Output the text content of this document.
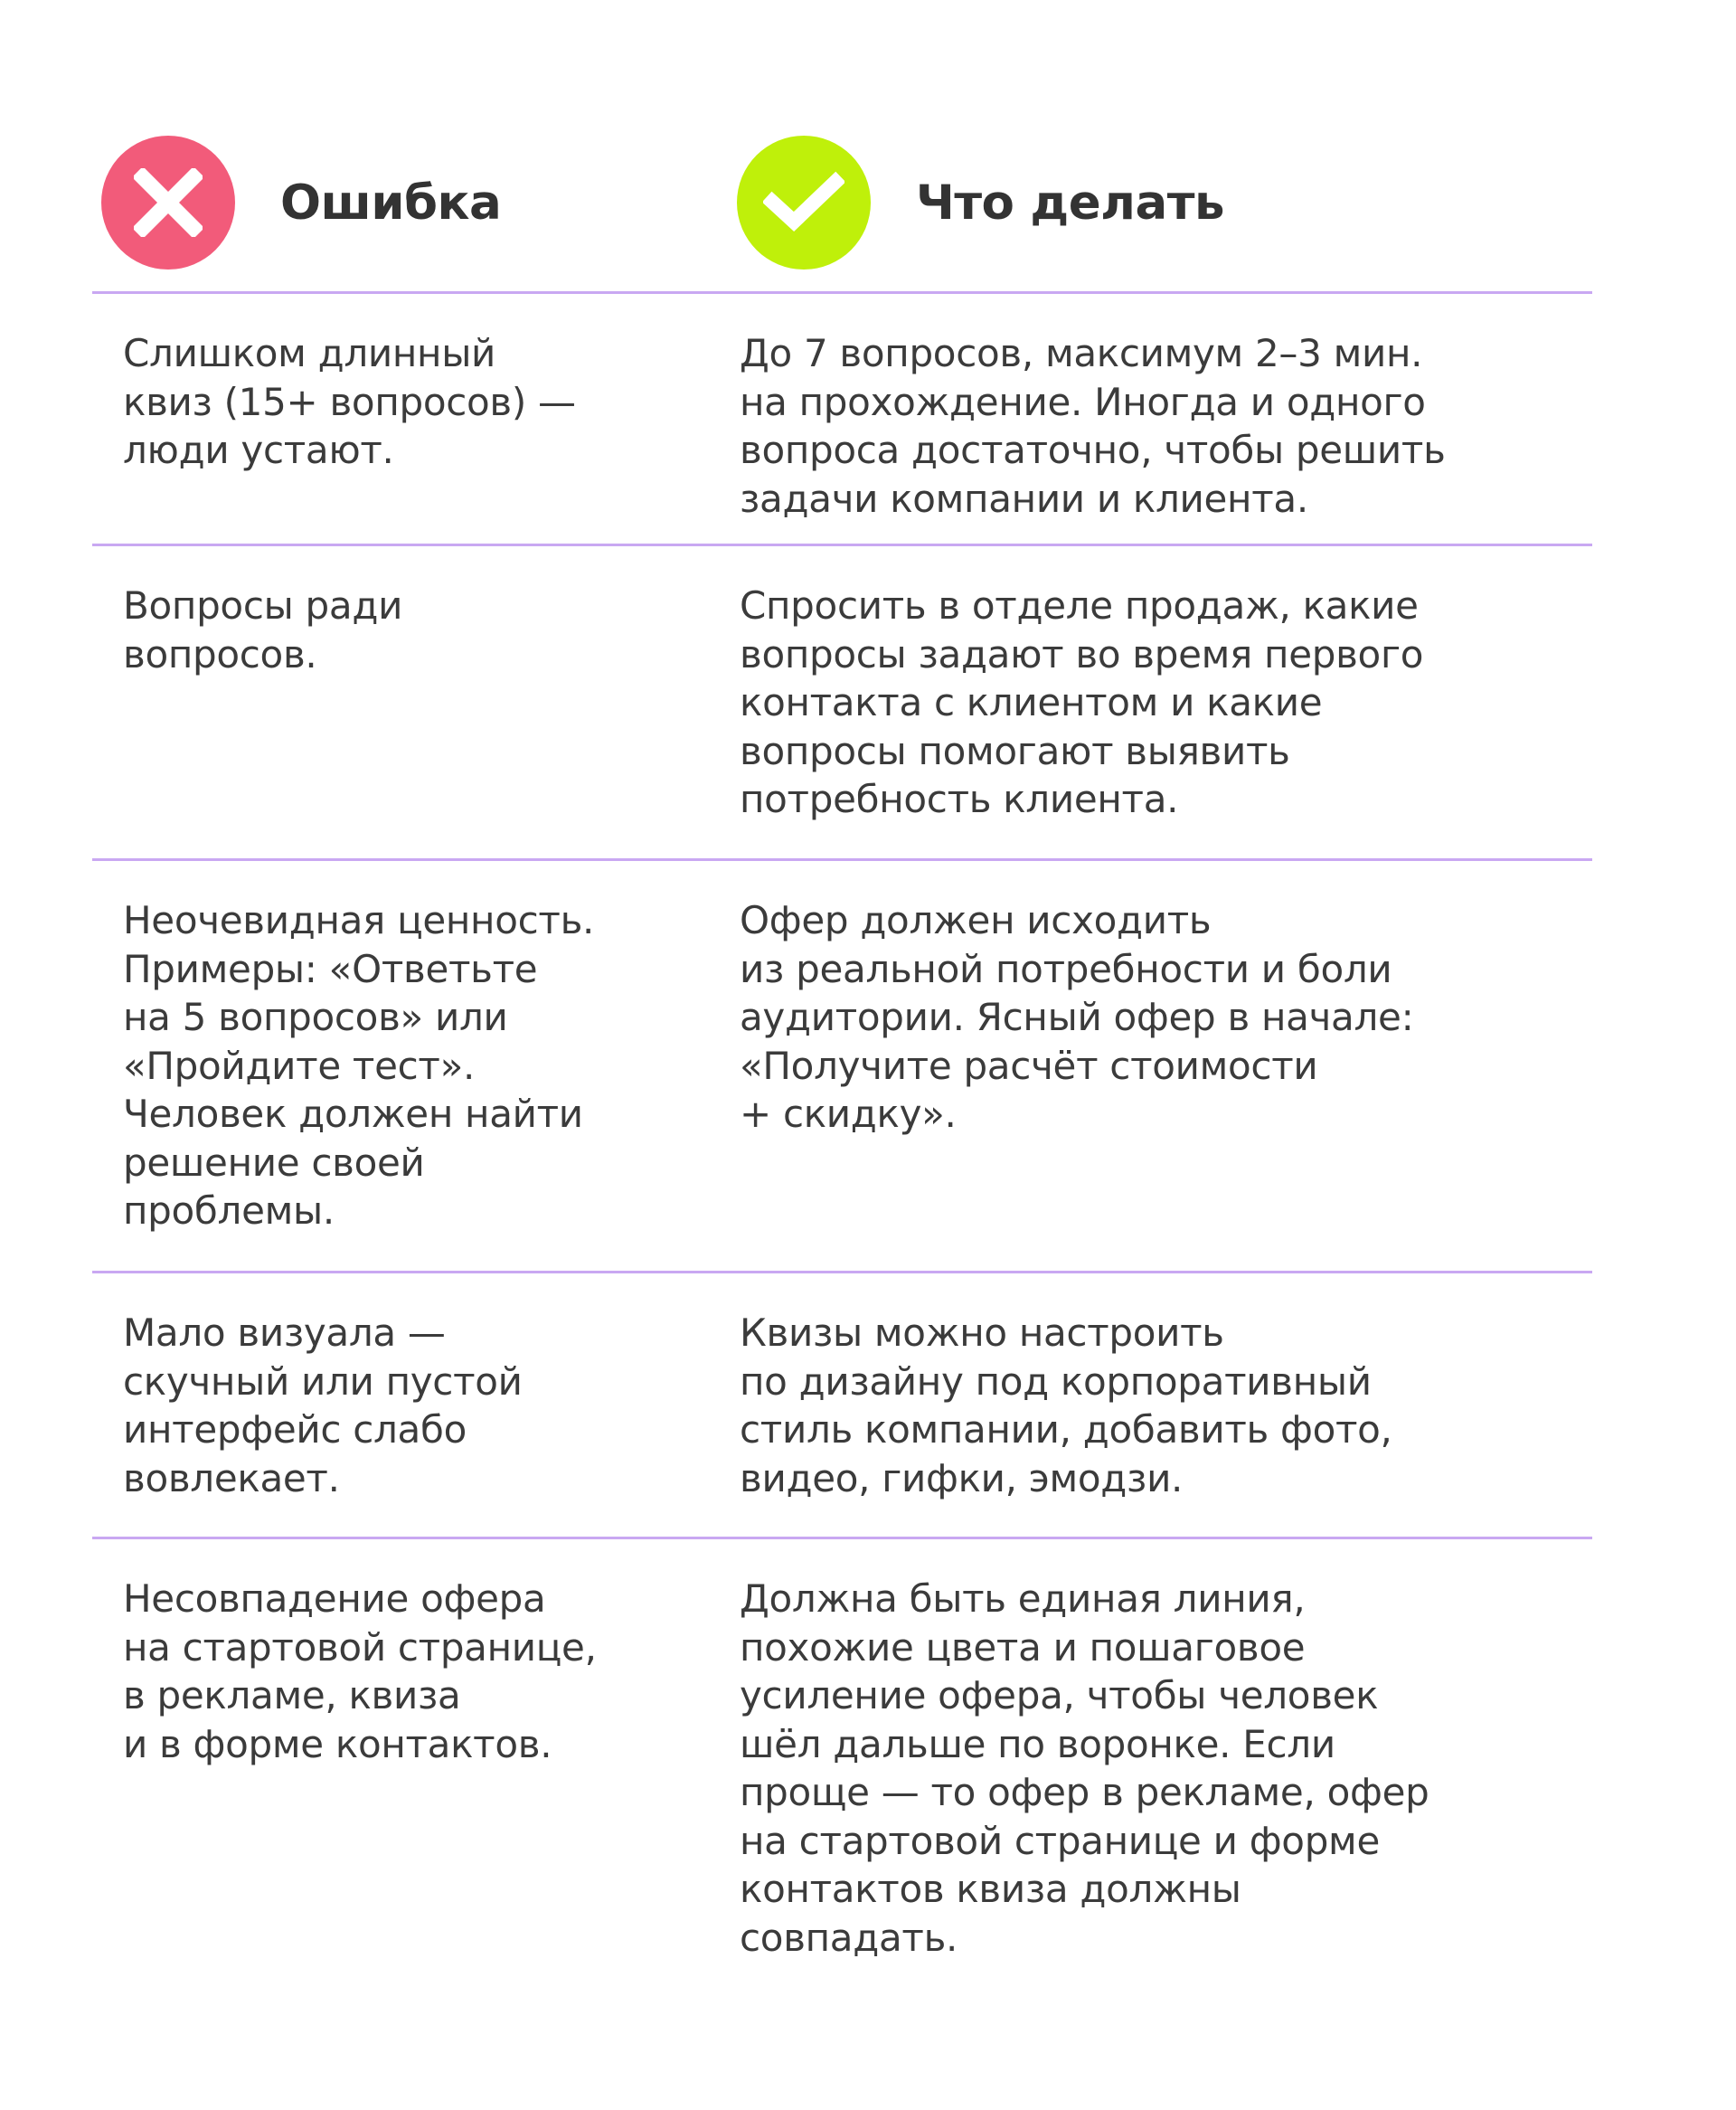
Ошибка	Что делать
Слишком длинный
квиз (15+ вопросов) —
люди устают.
До 7 вопросов, максимум 2–3 мин.
на прохождение. Иногда и одного
вопроса достаточно, чтобы решить
задачи компании и клиента.
Вопросы ради
вопросов.
Спросить в отделе продаж, какие
вопросы задают во время первого
контакта с клиентом и какие
вопросы помогают выявить
потребность клиента.
Неочевидная ценность.
Примеры: «Ответьте
на 5 вопросов» или
«Пройдите тест».
Человек должен найти
решение своей
проблемы.
Офер должен исходить
из реальной потребности и боли
аудитории. Ясный офер в начале:
«Получите расчёт стоимости
+ скидку».
Мало визуала —
скучный или пустой
интерфейс слабо
вовлекает.
Квизы можно настроить
по дизайну под корпоративный
стиль компании, добавить фото,
видео, гифки, эмодзи.
Несовпадение офера
на стартовой странице,
в рекламе, квиза
и в форме контактов.
Должна быть единая линия,
похожие цвета и пошаговое
усиление офера, чтобы человек
шёл дальше по воронке. Если
проще — то офер в рекламе, офер
на стартовой странице и форме
контактов квиза должны
совпадать.
